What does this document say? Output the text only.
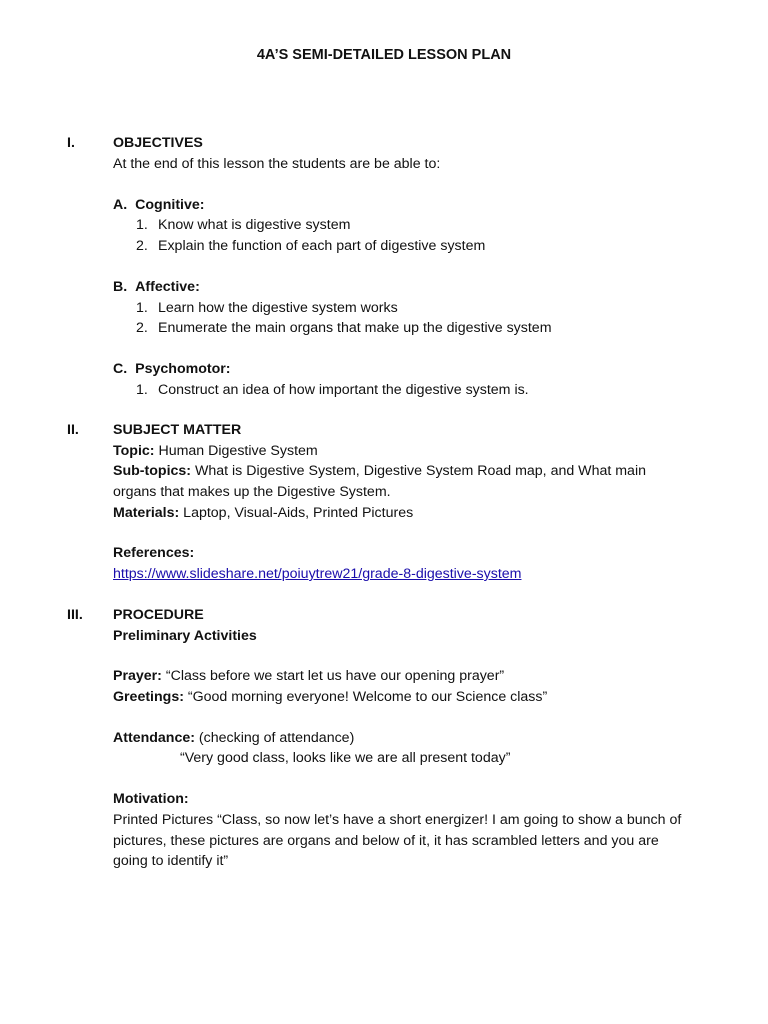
4A’S SEMI-DETAILED LESSON PLAN
I.	OBJECTIVES
At the end of this lesson the students are be able to:
A. Cognitive:
1. Know what is digestive system
2. Explain the function of each part of digestive system
B. Affective:
1. Learn how the digestive system works
2. Enumerate the main organs that make up the digestive system
C. Psychomotor:
1. Construct an idea of how important the digestive system is.
II. SUBJECT MATTER
Topic: Human Digestive System
Sub-topics: What is Digestive System, Digestive System Road map, and What main
organs that makes up the Digestive System.
Materials: Laptop, Visual-Aids, Printed Pictures
References:
https://www.slideshare.net/poiuytrew21/grade-8-digestive-system
III. PROCEDURE
Preliminary Activities
Prayer: “Class before we start let us have our opening prayer”
Greetings: “Good morning everyone! Welcome to our Science class”
Attendance: (checking of attendance)
“Very good class, looks like we are all present today”
Motivation:
Printed Pictures “Class, so now let’s have a short energizer! I am going to show a bunch of
pictures, these pictures are organs and below of it, it has scrambled letters and you are
going to identify it”
